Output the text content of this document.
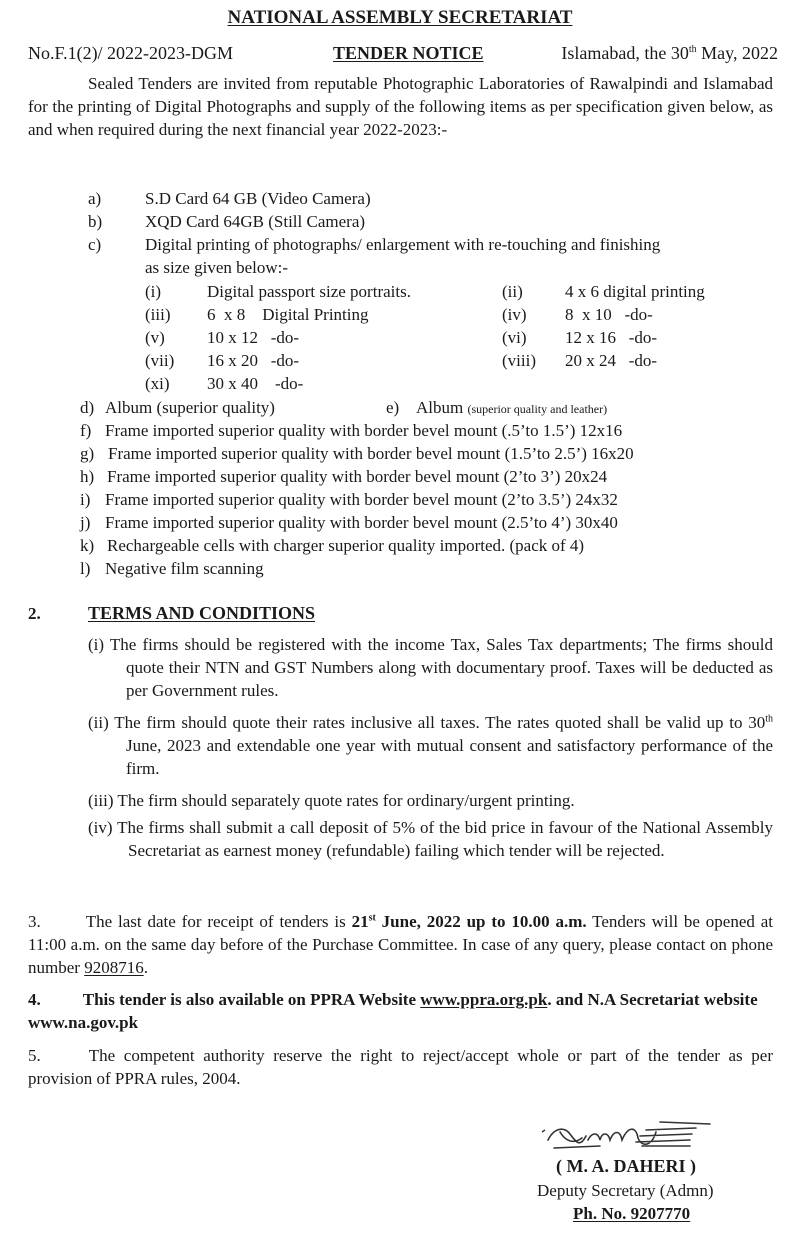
NATIONAL ASSEMBLY SECRETARIAT
No.F.1(2)/ 2022-2023-DGM	TENDER NOTICE	Islamabad, the 30th May, 2022
Sealed Tenders are invited from reputable Photographic Laboratories of Rawalpindi and Islamabad for the printing of Digital Photographs and supply of the following items as per specification given below, as and when required during the next financial year 2022-2023:-
a)	S.D Card 64 GB (Video Camera)
b)	XQD Card 64GB (Still Camera)
c)	Digital printing of photographs/ enlargement with re-touching and finishing
as size given below:-
(i)	Digital passport size portraits.	(ii) 4 x 6 digital printing
(iii) 6  x 8    Digital Printing	(iv) 8  x 10   -do-
(v) 10 x 12   -do-	(vi) 12 x 16   -do-
(vii) 16 x 20   -do-	(viii) 20 x 24   -do-
(xi) 30 x 40    -do-
d) Album (superior quality)	e) Album (superior quality and leather)
f) Frame imported superior quality with border bevel mount (.5’to 1.5’) 12x16
g) Frame imported superior quality with border bevel mount (1.5’to 2.5’) 16x20
h) Frame imported superior quality with border bevel mount (2’to 3’) 20x24
i) Frame imported superior quality with border bevel mount (2’to 3.5’) 24x32
j) Frame imported superior quality with border bevel mount (2.5’to 4’) 30x40
k) Rechargeable cells with charger superior quality imported. (pack of 4)
l) Negative film scanning
2.	TERMS AND CONDITIONS
(i) The firms should be registered with the income Tax, Sales Tax departments; The firms should quote their NTN and GST Numbers along with documentary proof. Taxes will be deducted as per Government rules.
(ii) The firm should quote their rates inclusive all taxes. The rates quoted shall be valid up to 30th June, 2023 and extendable one year with mutual consent and satisfactory performance of the firm.
(iii) The firm should separately quote rates for ordinary/urgent printing.
(iv) The firms shall submit a call deposit of 5% of the bid price in favour of the National Assembly Secretariat as earnest money (refundable) failing which tender will be rejected.
3.	The last date for receipt of tenders is 21st June, 2022 up to 10.00 a.m. Tenders will be opened at 11:00 a.m. on the same day before of the Purchase Committee. In case of any query, please contact on phone number 9208716.
4. This tender is also available on PPRA Website www.ppra.org.pk. and N.A Secretariat website www.na.gov.pk
5.	The competent authority reserve the right to reject/accept whole or part of the tender as per provision of PPRA rules, 2004.
( M. A. DAHERI )
Deputy Secretary (Admn)
Ph. No. 9207770
